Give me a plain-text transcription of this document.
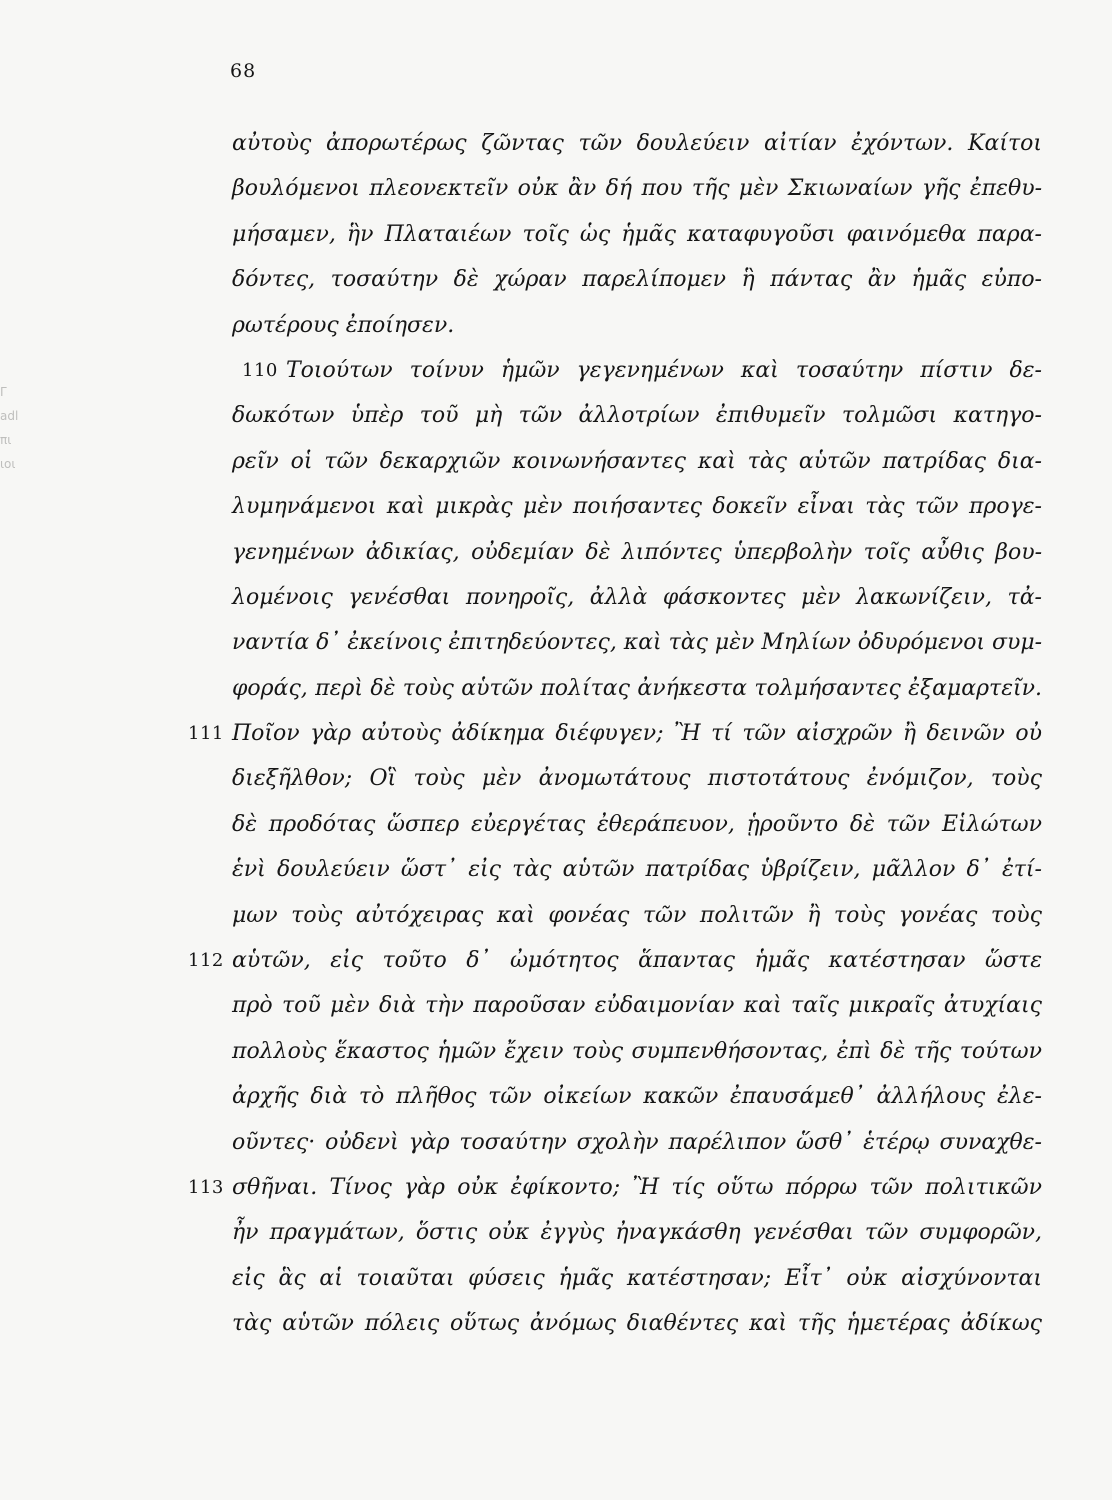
Γ
adl
πι
ιοι
68
αὐτοὺς ἀπορωτέρως ζῶντας τῶν δουλεύειν αἰτίαν ἐχόντων. Καίτοι
βουλόμενοι πλεονεκτεῖν οὐκ ἂν δή που τῆς μὲν Σκιωναίων γῆς ἐπεθυ-
μήσαμεν, ἣν Πλαταιέων τοῖς ὡς ἡμᾶς καταφυγοῦσι φαινόμεθα παρα-
δόντες, τοσαύτην δὲ χώραν παρελίπομεν ἣ πάντας ἂν ἡμᾶς εὐπο-
ρωτέρους ἐποίησεν.
110 Τοιούτων τοίνυν ἡμῶν γεγενημένων καὶ τοσαύτην πίστιν δε-
δωκότων ὑπὲρ τοῦ μὴ τῶν ἀλλοτρίων ἐπιθυμεῖν τολμῶσι κατηγο-
ρεῖν οἱ τῶν δεκαρχιῶν κοινωνήσαντες καὶ τὰς αὑτῶν πατρίδας δια-
λυμηνάμενοι καὶ μικρὰς μὲν ποιήσαντες δοκεῖν εἶναι τὰς τῶν προγε-
γενημένων ἀδικίας, οὐδεμίαν δὲ λιπόντες ὑπερβολὴν τοῖς αὖθις βου-
λομένοις γενέσθαι πονηροῖς, ἀλλὰ φάσκοντες μὲν λακωνίζειν, τἀ-
ναντία δ᾽ ἐκείνοις ἐπιτηδεύοντες, καὶ τὰς μὲν Μηλίων ὀδυρόμενοι συμ-
φοράς, περὶ δὲ τοὺς αὑτῶν πολίτας ἀνήκεστα τολμήσαντες ἐξαμαρτεῖν.
111 Ποῖον γὰρ αὐτοὺς ἀδίκημα διέφυγεν; Ἢ τί τῶν αἰσχρῶν ἢ δεινῶν οὐ
διεξῆλθον; Οἳ τοὺς μὲν ἀνομωτάτους πιστοτάτους ἐνόμιζον, τοὺς
δὲ προδότας ὥσπερ εὐεργέτας ἐθεράπευον, ᾑροῦντο δὲ τῶν Εἱλώτων
ἑνὶ δουλεύειν ὥστ᾽ εἰς τὰς αὑτῶν πατρίδας ὑβρίζειν, μᾶλλον δ᾽ ἐτί-
μων τοὺς αὐτόχειρας καὶ φονέας τῶν πολιτῶν ἢ τοὺς γονέας τοὺς
112 αὑτῶν, εἰς τοῦτο δ᾽ ὠμότητος ἅπαντας ἡμᾶς κατέστησαν ὥστε
πρὸ τοῦ μὲν διὰ τὴν παροῦσαν εὐδαιμονίαν καὶ ταῖς μικραῖς ἀτυχίαις
πολλοὺς ἕκαστος ἡμῶν ἔχειν τοὺς συμπενθήσοντας, ἐπὶ δὲ τῆς τούτων
ἀρχῆς διὰ τὸ πλῆθος τῶν οἰκείων κακῶν ἐπαυσάμεθ᾽ ἀλλήλους ἐλε-
οῦντες· οὐδενὶ γὰρ τοσαύτην σχολὴν παρέλιπον ὥσθ᾽ ἑτέρῳ συναχθε-
113 σθῆναι. Τίνος γὰρ οὐκ ἐφίκοντο; Ἢ τίς οὕτω πόρρω τῶν πολιτικῶν
ἦν πραγμάτων, ὅστις οὐκ ἐγγὺς ἠναγκάσθη γενέσθαι τῶν συμφορῶν,
εἰς ἃς αἱ τοιαῦται φύσεις ἡμᾶς κατέστησαν; Εἶτ᾽ οὐκ αἰσχύνονται
τὰς αὑτῶν πόλεις οὕτως ἀνόμως διαθέντες καὶ τῆς ἡμετέρας ἀδίκως
